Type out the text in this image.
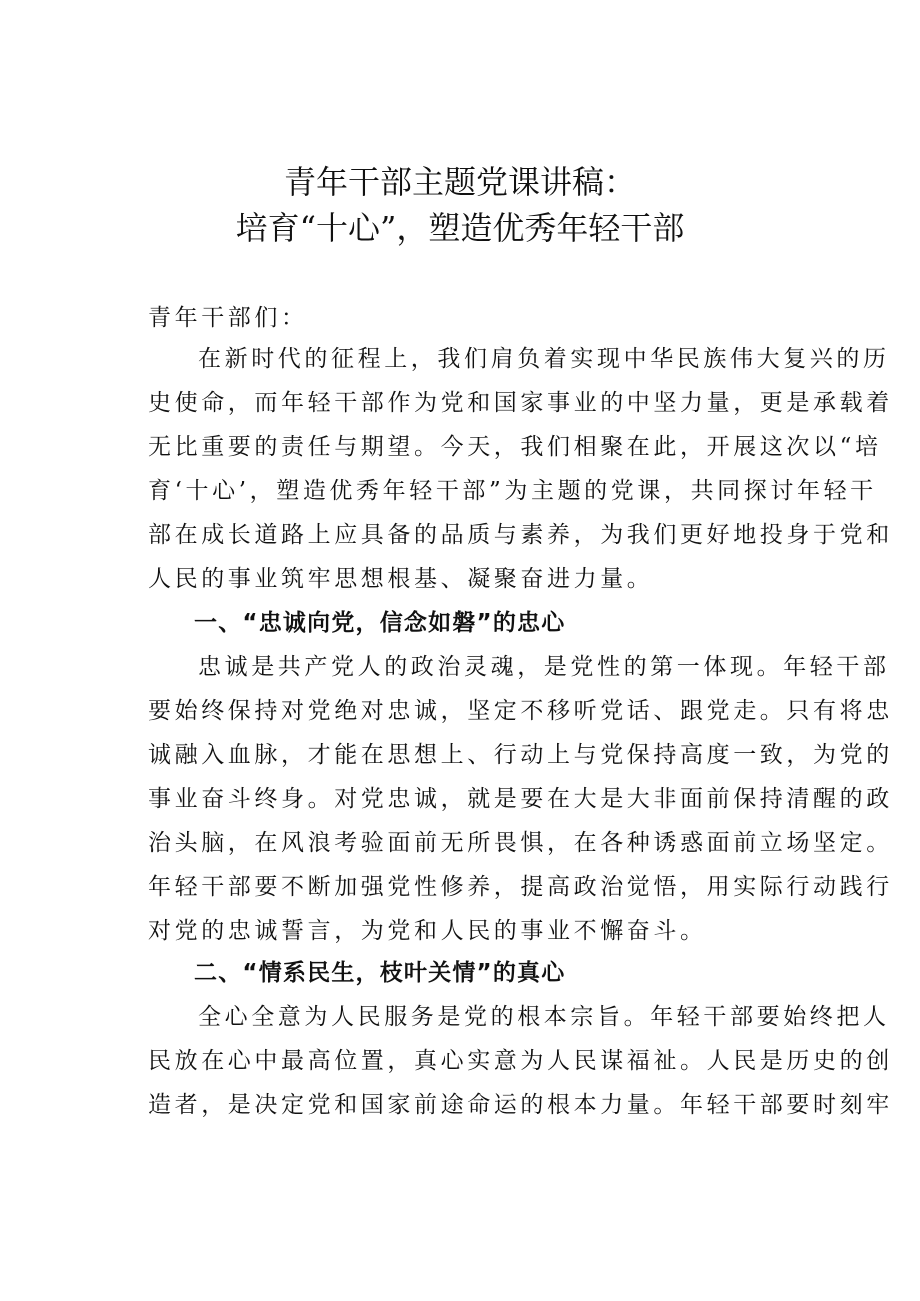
青年干部主题党课讲稿：
培育“十心”，塑造优秀年轻干部

青年干部们：

在新时代的征程上，我们肩负着实现中华民族伟大复兴的历

史使命，而年轻干部作为党和国家事业的中坚力量，更是承载着

无比重要的责任与期望。今天，我们相聚在此，开展这次以“培

育‘十心’，塑造优秀年轻干部”为主题的党课，共同探讨年轻干

部在成长道路上应具备的品质与素养，为我们更好地投身于党和

人民的事业筑牢思想根基、凝聚奋进力量。

一、“忠诚向党，信念如磐”的忠心

忠诚是共产党人的政治灵魂，是党性的第一体现。年轻干部

要始终保持对党绝对忠诚，坚定不移听党话、跟党走。只有将忠

诚融入血脉，才能在思想上、行动上与党保持高度一致，为党的

事业奋斗终身。对党忠诚，就是要在大是大非面前保持清醒的政

治头脑，在风浪考验面前无所畏惧，在各种诱惑面前立场坚定。

年轻干部要不断加强党性修养，提高政治觉悟，用实际行动践行

对党的忠诚誓言，为党和人民的事业不懈奋斗。

二、“情系民生，枝叶关情”的真心

全心全意为人民服务是党的根本宗旨。年轻干部要始终把人

民放在心中最高位置，真心实意为人民谋福祉。人民是历史的创

造者，是决定党和国家前途命运的根本力量。年轻干部要时刻牢
